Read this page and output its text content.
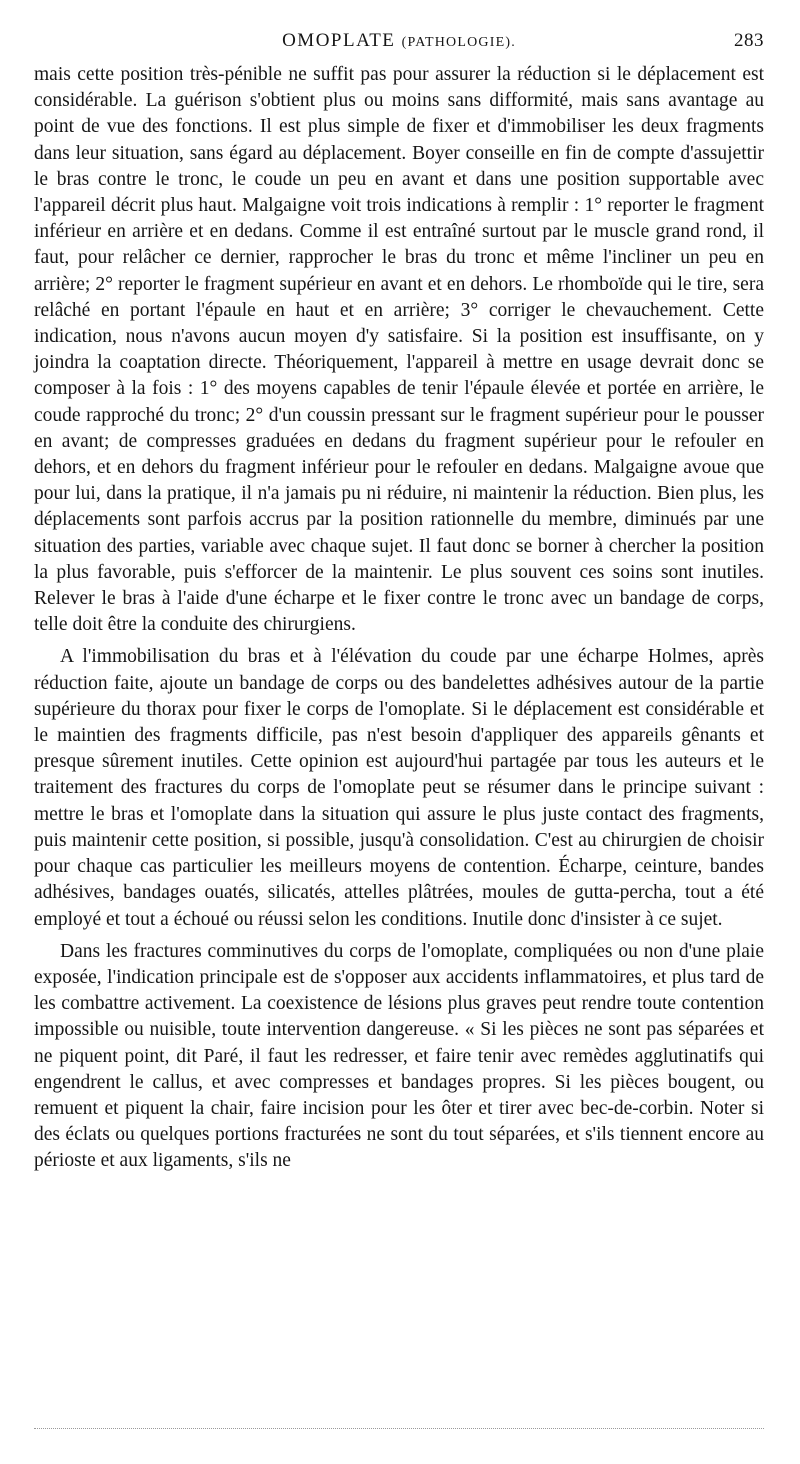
OMOPLATE (PATHOLOGIE).	283

mais cette position très-pénible ne suffit pas pour assurer la réduction si le déplacement est considérable. La guérison s'obtient plus ou moins sans difformité, mais sans avantage au point de vue des fonctions. Il est plus simple de fixer et d'immobiliser les deux fragments dans leur situation, sans égard au déplacement. Boyer conseille en fin de compte d'assujettir le bras contre le tronc, le coude un peu en avant et dans une position supportable avec l'appareil décrit plus haut. Malgaigne voit trois indications à remplir : 1° reporter le fragment inférieur en arrière et en dedans. Comme il est entraîné surtout par le muscle grand rond, il faut, pour relâcher ce dernier, rapprocher le bras du tronc et même l'incliner un peu en arrière; 2° reporter le fragment supérieur en avant et en dehors. Le rhomboïde qui le tire, sera relâché en portant l'épaule en haut et en arrière; 3° corriger le chevauchement. Cette indication, nous n'avons aucun moyen d'y satisfaire. Si la position est insuffisante, on y joindra la coaptation directe. Théoriquement, l'appareil à mettre en usage devrait donc se composer à la fois : 1° des moyens capables de tenir l'épaule élevée et portée en arrière, le coude rapproché du tronc; 2° d'un coussin pressant sur le fragment supérieur pour le pousser en avant; de compresses graduées en dedans du fragment supérieur pour le refouler en dehors, et en dehors du fragment inférieur pour le refouler en dedans. Malgaigne avoue que pour lui, dans la pratique, il n'a jamais pu ni réduire, ni maintenir la réduction. Bien plus, les déplacements sont parfois accrus par la position rationnelle du membre, diminués par une situation des parties, variable avec chaque sujet. Il faut donc se borner à chercher la position la plus favorable, puis s'efforcer de la maintenir. Le plus souvent ces soins sont inutiles. Relever le bras à l'aide d'une écharpe et le fixer contre le tronc avec un bandage de corps, telle doit être la conduite des chirurgiens.

A l'immobilisation du bras et à l'élévation du coude par une écharpe Holmes, après réduction faite, ajoute un bandage de corps ou des bandelettes adhésives autour de la partie supérieure du thorax pour fixer le corps de l'omoplate. Si le déplacement est considérable et le maintien des fragments difficile, pas n'est besoin d'appliquer des appareils gênants et presque sûrement inutiles. Cette opinion est aujourd'hui partagée par tous les auteurs et le traitement des fractures du corps de l'omoplate peut se résumer dans le principe suivant : mettre le bras et l'omoplate dans la situation qui assure le plus juste contact des fragments, puis maintenir cette position, si possible, jusqu'à consolidation. C'est au chirurgien de choisir pour chaque cas particulier les meilleurs moyens de contention. Écharpe, ceinture, bandes adhésives, bandages ouatés, silicatés, attelles plâtrées, moules de gutta-percha, tout a été employé et tout a échoué ou réussi selon les conditions. Inutile donc d'insister à ce sujet.

Dans les fractures comminutives du corps de l'omoplate, compliquées ou non d'une plaie exposée, l'indication principale est de s'opposer aux accidents inflammatoires, et plus tard de les combattre activement. La coexistence de lésions plus graves peut rendre toute contention impossible ou nuisible, toute intervention dangereuse. « Si les pièces ne sont pas séparées et ne piquent point, dit Paré, il faut les redresser, et faire tenir avec remèdes agglutinatifs qui engendrent le callus, et avec compresses et bandages propres. Si les pièces bougent, ou remuent et piquent la chair, faire incision pour les ôter et tirer avec bec-de-corbin. Noter si des éclats ou quelques portions fracturées ne sont du tout séparées, et s'ils tiennent encore au périoste et aux ligaments, s'ils ne
